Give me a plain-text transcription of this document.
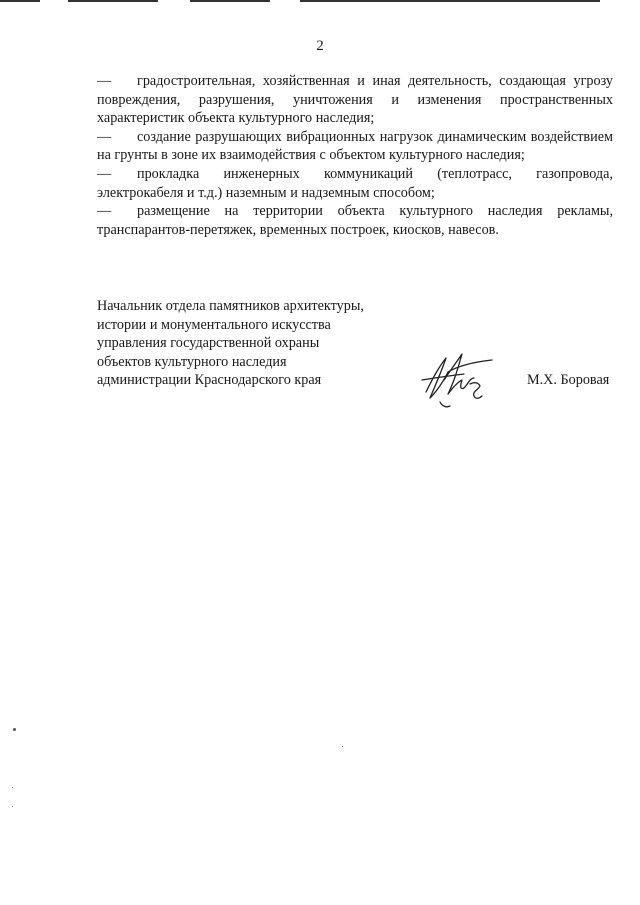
2

— градостроительная, хозяйственная и иная деятельность, создающая угрозу повреждения, разрушения, уничтожения и изменения пространственных характеристик объекта культурного наследия;

— создание разрушающих вибрационных нагрузок динамическим воздействием на грунты в зоне их взаимодействия с объектом культурного наследия;

— прокладка инженерных коммуникаций (теплотрасс, газопровода, электрокабеля и т.д.) наземным и надземным способом;

— размещение на территории объекта культурного наследия рекламы, транспарантов-перетяжек, временных построек, киосков, навесов.

Начальник отдела памятников архитектуры,
истории и монументального искусства
управления государственной охраны
объектов культурного наследия
администрации Краснодарского края	М.Х. Боровая
